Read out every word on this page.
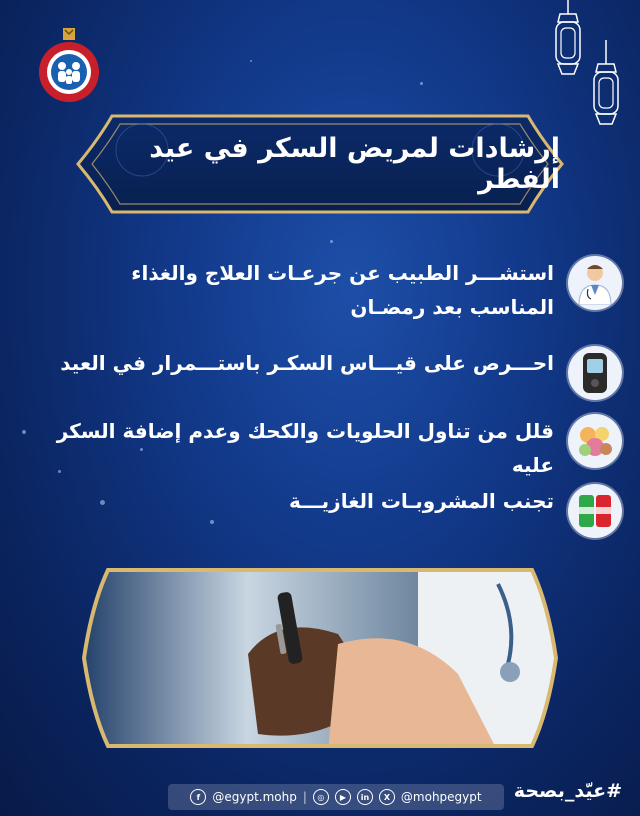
إرشادات لمريض السكر في عيد الفطر
استشـــر الطبيب عن جرعـات العلاج والغذاء المناسب بعد رمضـان
احـــرص على قيـــاس السكـر باستـــمرار في العيد
قلل من تناول الحلويات والكحك وعدم إضافة السكر عليه
تجنب المشروبـات الغازيـــة
f	@egypt.mohp |	◎	▶	in	X @mohpegypt #عيّد_بصحة
